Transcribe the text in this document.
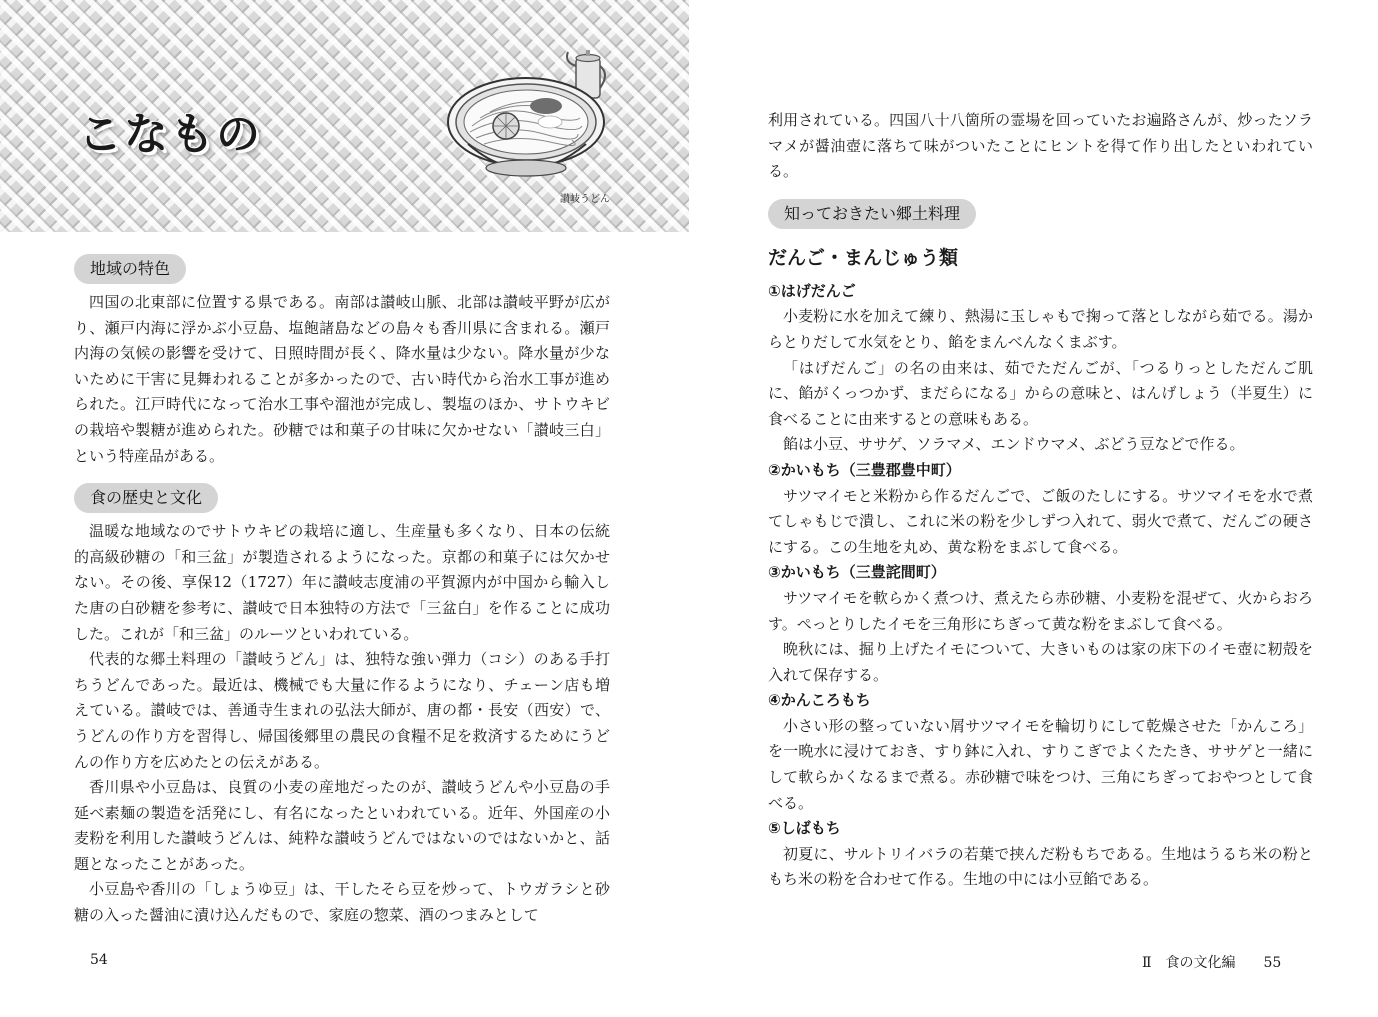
こなもの
讃岐うどん
地域の特色

四国の北東部に位置する県である。南部は讃岐山脈、北部は讃岐平野が広がり、瀬戸内海に浮かぶ小豆島、塩飽諸島などの島々も香川県に含まれる。瀬戸内海の気候の影響を受けて、日照時間が長く、降水量は少ない。降水量が少ないために干害に見舞われることが多かったので、古い時代から治水工事が進められた。江戸時代になって治水工事や溜池が完成し、製塩のほか、サトウキビの栽培や製糖が進められた。砂糖では和菓子の甘味に欠かせない「讃岐三白」という特産品がある。

食の歴史と文化

温暖な地域なのでサトウキビの栽培に適し、生産量も多くなり、日本の伝統的高級砂糖の「和三盆」が製造されるようになった。京都の和菓子には欠かせない。その後、享保12（1727）年に讃岐志度浦の平賀源内が中国から輸入した唐の白砂糖を参考に、讃岐で日本独特の方法で「三盆白」を作ることに成功した。これが「和三盆」のルーツといわれている。

代表的な郷土料理の「讃岐うどん」は、独特な強い弾力（コシ）のある手打ちうどんであった。最近は、機械でも大量に作るようになり、チェーン店も増えている。讃岐では、善通寺生まれの弘法大師が、唐の都・長安（西安）で、うどんの作り方を習得し、帰国後郷里の農民の食糧不足を救済するためにうどんの作り方を広めたとの伝えがある。

香川県や小豆島は、良質の小麦の産地だったのが、讃岐うどんや小豆島の手延べ素麺の製造を活発にし、有名になったといわれている。近年、外国産の小麦粉を利用した讃岐うどんは、純粋な讃岐うどんではないのではないかと、話題となったことがあった。

小豆島や香川の「しょうゆ豆」は、干したそら豆を炒って、トウガラシと砂糖の入った醤油に漬け込んだもので、家庭の惣菜、酒のつまみとして

利用されている。四国八十八箇所の霊場を回っていたお遍路さんが、炒ったソラマメが醤油壺に落ちて味がついたことにヒントを得て作り出したといわれている。

知っておきたい郷土料理
だんご・まんじゅう類
①はげだんご

小麦粉に水を加えて練り、熱湯に玉しゃもで掬って落としながら茹でる。湯からとりだして水気をとり、餡をまんべんなくまぶす。

「はげだんご」の名の由来は、茹でただんごが、「つるりっとしただんご肌に、餡がくっつかず、まだらになる」からの意味と、はんげしょう（半夏生）に食べることに由来するとの意味もある。

餡は小豆、ササゲ、ソラマメ、エンドウマメ、ぶどう豆などで作る。

②かいもち（三豊郡豊中町）

サツマイモと米粉から作るだんごで、ご飯のたしにする。サツマイモを水で煮てしゃもじで潰し、これに米の粉を少しずつ入れて、弱火で煮て、だんごの硬さにする。この生地を丸め、黄な粉をまぶして食べる。

③かいもち（三豊詫間町）

サツマイモを軟らかく煮つけ、煮えたら赤砂糖、小麦粉を混ぜて、火からおろす。ぺっとりしたイモを三角形にちぎって黄な粉をまぶして食べる。

晩秋には、掘り上げたイモについて、大きいものは家の床下のイモ壺に籾殻を入れて保存する。

④かんころもち

小さい形の整っていない屑サツマイモを輪切りにして乾燥させた「かんころ」を一晩水に浸けておき、すり鉢に入れ、すりこぎでよくたたき、ササゲと一緒にして軟らかくなるまで煮る。赤砂糖で味をつけ、三角にちぎっておやつとして食べる。

⑤しばもち

初夏に、サルトリイバラの若葉で挟んだ粉もちである。生地はうるち米の粉ともち米の粉を合わせて作る。生地の中には小豆餡である。

54	Ⅱ　食の文化編 55
